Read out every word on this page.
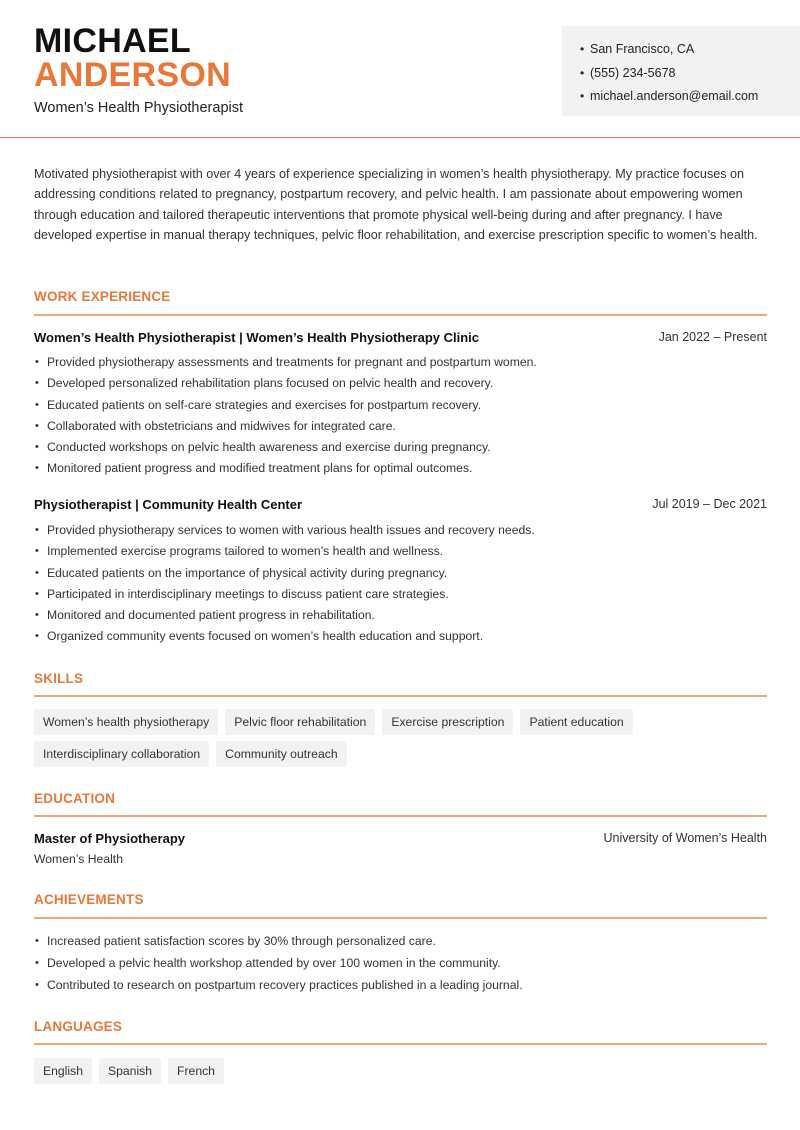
MICHAEL
ANDERSON
Women’s Health Physiotherapist
• San Francisco, CA
• (555) 234-5678
• michael.anderson@email.com

Motivated physiotherapist with over 4 years of experience specializing in women’s health physiotherapy. My practice focuses on addressing conditions related to pregnancy, postpartum recovery, and pelvic health. I am passionate about empowering women through education and tailored therapeutic interventions that promote physical well-being during and after pregnancy. I have developed expertise in manual therapy techniques, pelvic floor rehabilitation, and exercise prescription specific to women’s health.

WORK EXPERIENCE
Women’s Health Physiotherapist | Women’s Health Physiotherapy Clinic	Jan 2022 – Present
• Provided physiotherapy assessments and treatments for pregnant and postpartum women.
• Developed personalized rehabilitation plans focused on pelvic health and recovery.
• Educated patients on self-care strategies and exercises for postpartum recovery.
• Collaborated with obstetricians and midwives for integrated care.
• Conducted workshops on pelvic health awareness and exercise during pregnancy.
• Monitored patient progress and modified treatment plans for optimal outcomes.
Physiotherapist | Community Health Center	Jul 2019 – Dec 2021
• Provided physiotherapy services to women with various health issues and recovery needs.
• Implemented exercise programs tailored to women’s health and wellness.
• Educated patients on the importance of physical activity during pregnancy.
• Participated in interdisciplinary meetings to discuss patient care strategies.
• Monitored and documented patient progress in rehabilitation.
• Organized community events focused on women’s health education and support.
SKILLS
Women’s health physiotherapy	Pelvic floor rehabilitation	Exercise prescription	Patient education
Interdisciplinary collaboration	Community outreach
EDUCATION
Master of Physiotherapy	University of Women’s Health
Women’s Health
ACHIEVEMENTS
• Increased patient satisfaction scores by 30% through personalized care.
• Developed a pelvic health workshop attended by over 100 women in the community.
• Contributed to research on postpartum recovery practices published in a leading journal.
LANGUAGES
English	Spanish	French
